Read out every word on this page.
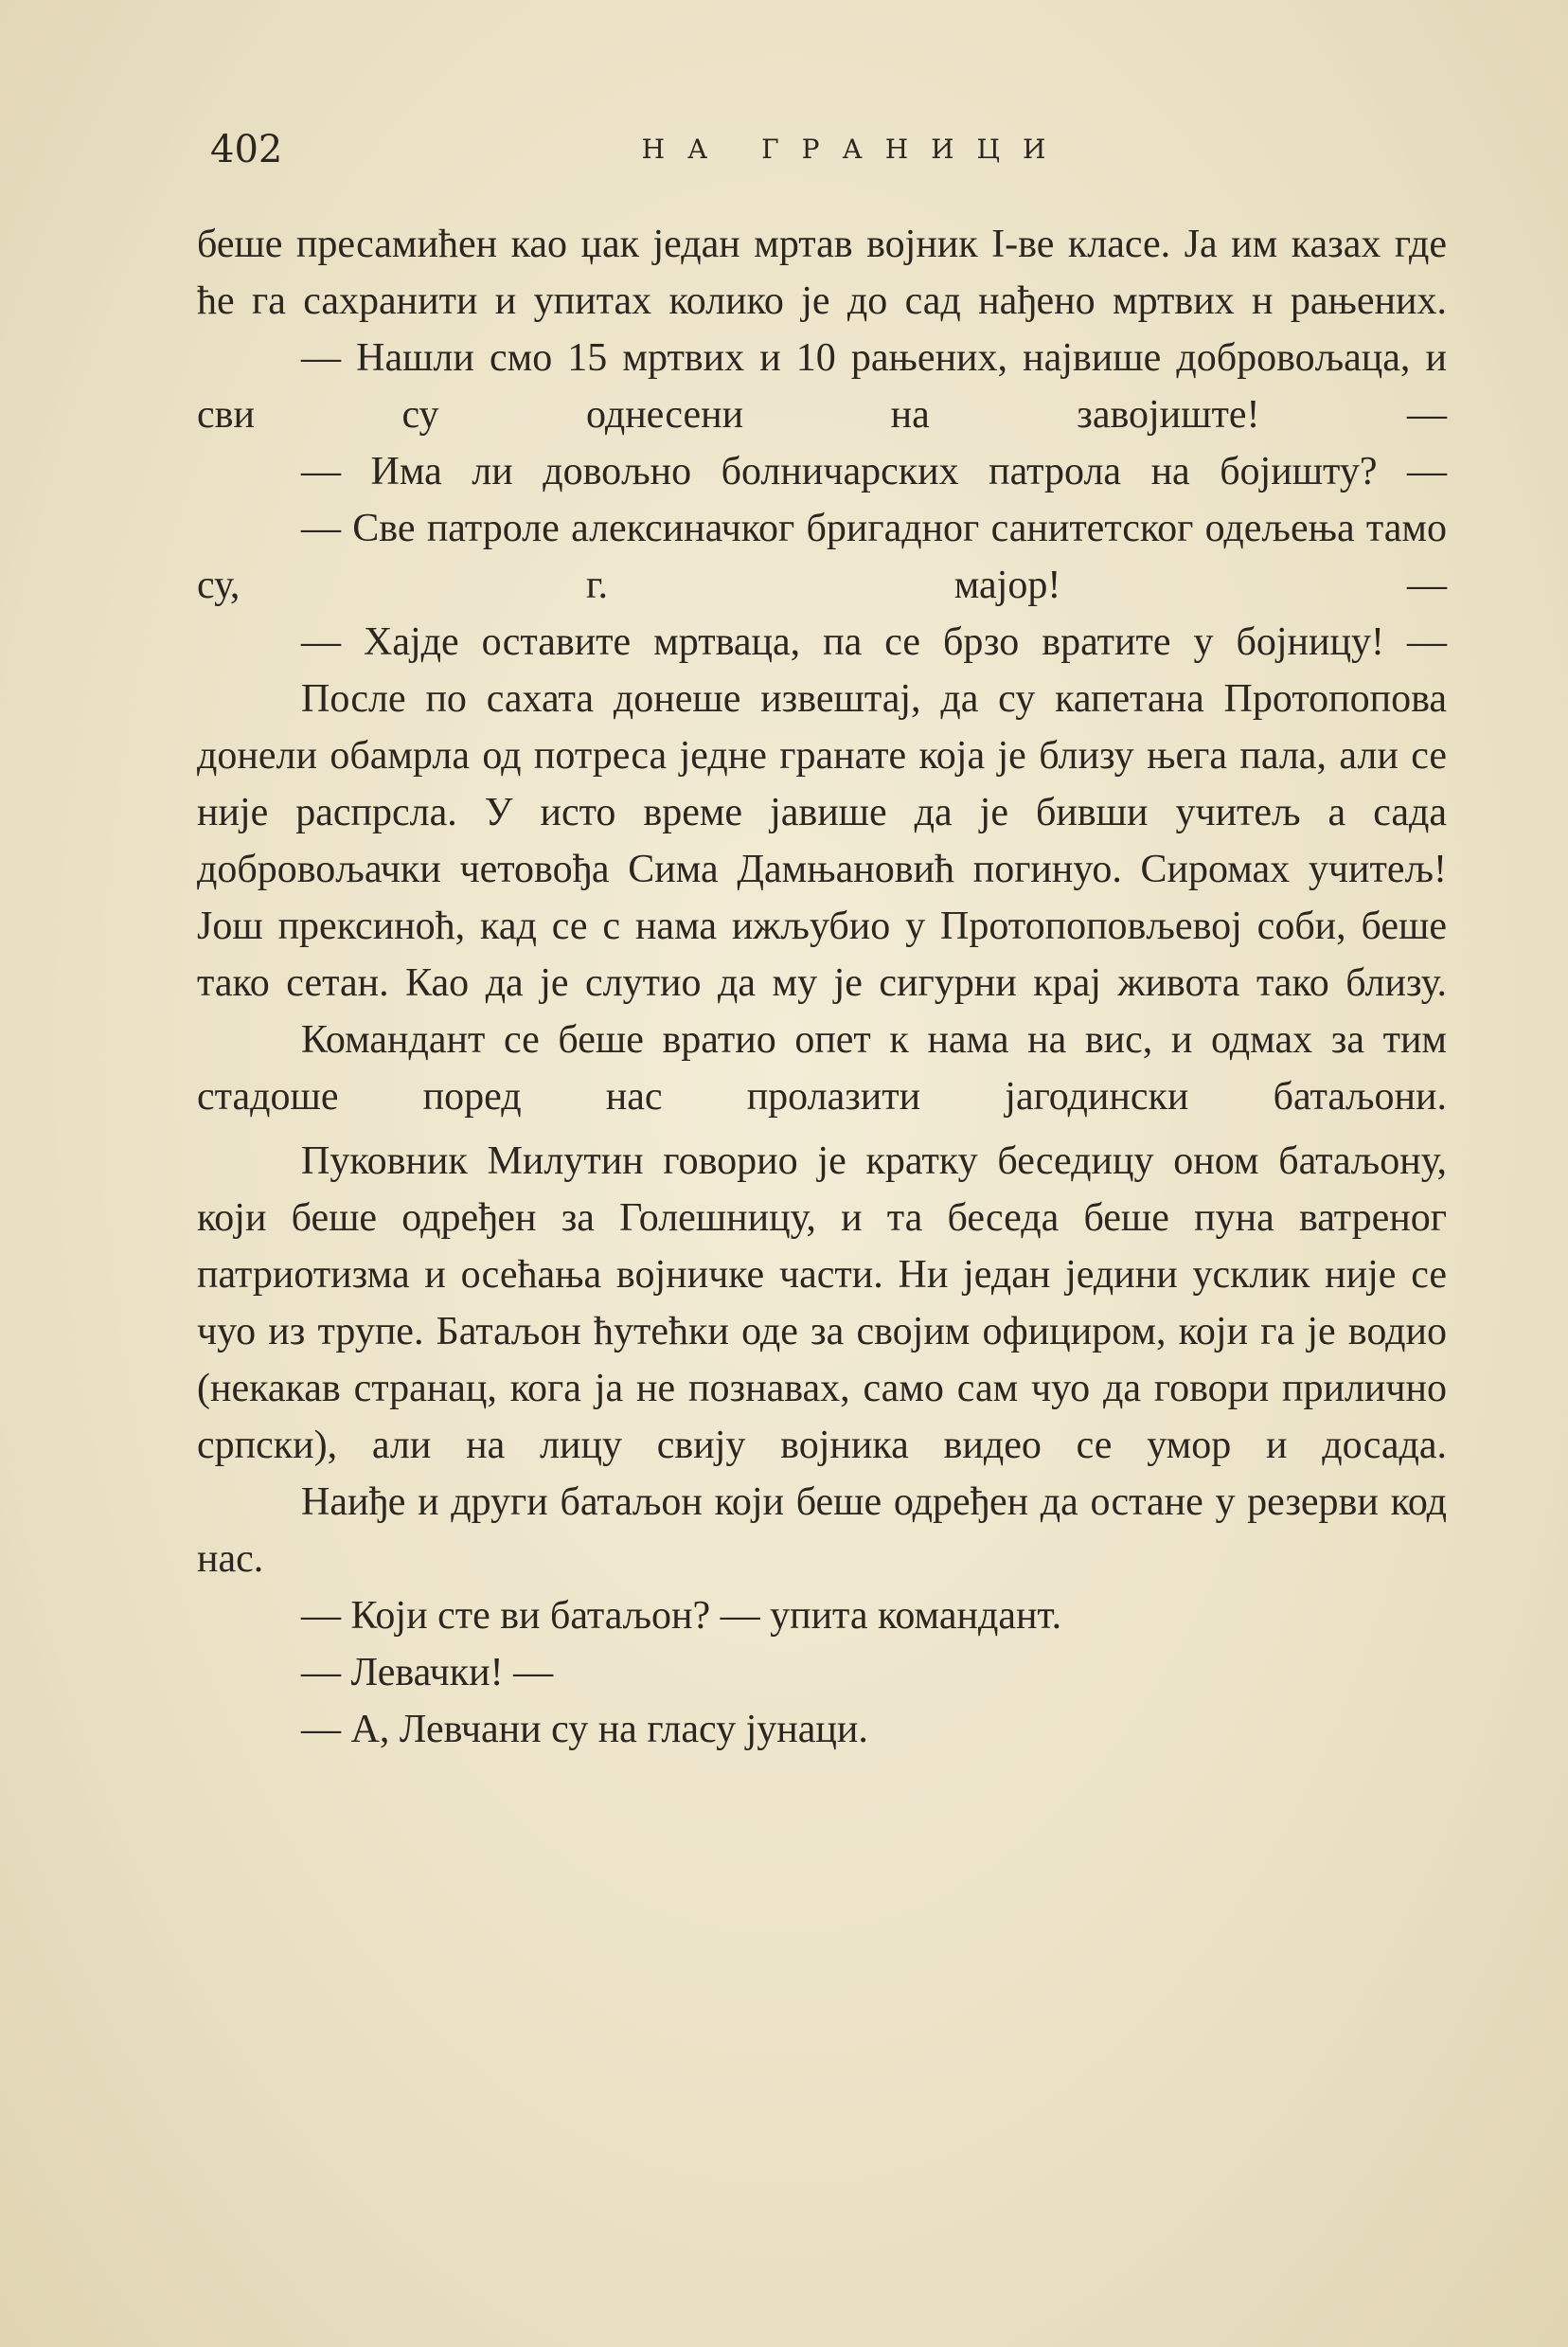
402	НА ГРАНИЦИ

беше пресамићен као џак један мртав војник I-ве класе. Ја им казах где ће га сахранити и упитах колико је до сад нађено мртвих н рањених.

— Нашли смо 15 мртвих и 10 рањених, највише добровољаца, и сви су однесени на завојиште! —

— Има ли довољно болничарских патрола на бојишту? —

— Све патроле алексиначког бригадног санитетског одељења тамо су, г. мајор! —

— Хајде оставите мртваца, па се брзо вратите у бојницу! —

После по сахата донеше извештај, да су капетана Протопопова донели обамрла од потреса једне гранате која је близу њега пала, али се није распрсла. У исто време јавише да је бивши учитељ а сада добровољачки четовођа Сима Дамњановић погинуо. Сиромах учитељ! Још прексиноћ, кад се с нама ижљубио у Протопоповљевој соби, беше тако сетан. Као да је слутио да му је сигурни крај живота тако близу.

Командант се беше вратио опет к нама на вис, и одмах за тим стадоше поред нас пролазити јагодински батаљони.

Пуковник Милутин говорио је кратку беседицу оном батаљону, који беше одређен за Голешницу, и та беседа беше пуна ватреног патриотизма и осећања војничке части. Ни један једини усклик није се чуо из трупе. Батаљон ћутећки оде за својим официром, који га је водио (некакав странац, кога ја не познавах, само сам чуо да говори прилично српски), али на лицу свију војника видео се умор и досада.

Наиђе и други батаљон који беше одређен да остане у резерви код нас.

— Који сте ви батаљон? — упита командант.

— Левачки! —

— А, Левчани су на гласу јунаци.
